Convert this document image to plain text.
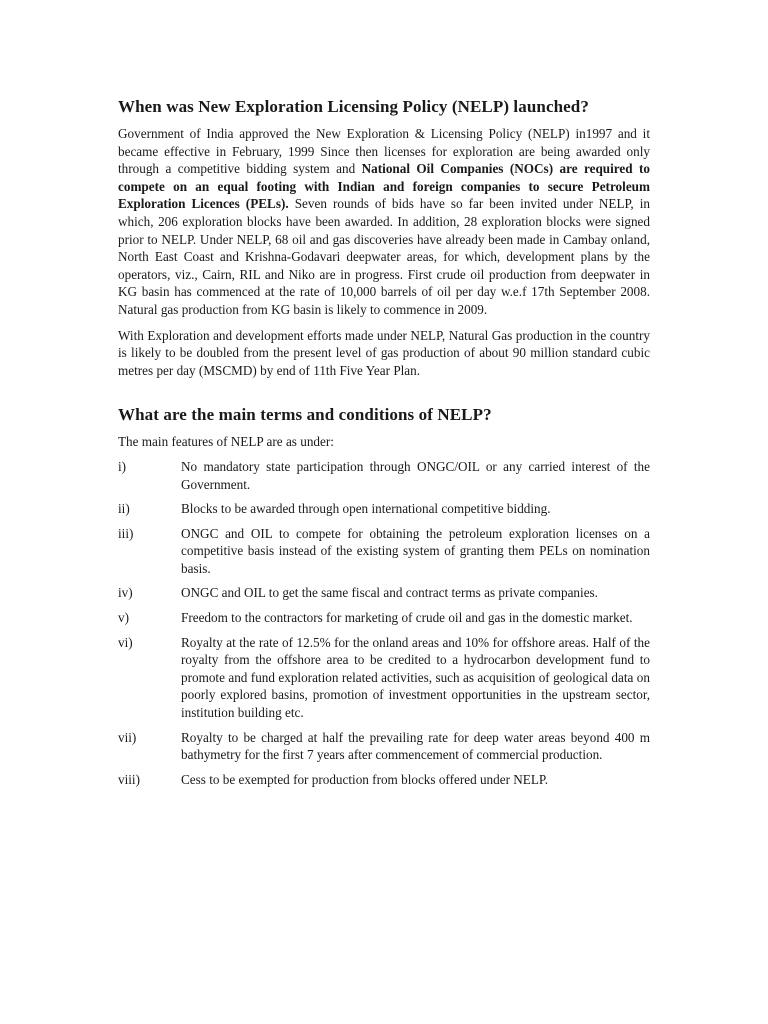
When was New Exploration Licensing Policy (NELP) launched?

Government of India approved the New Exploration & Licensing Policy (NELP) in1997 and it became effective in February, 1999 Since then licenses for exploration are being awarded only through a competitive bidding system and National Oil Companies (NOCs) are required to compete on an equal footing with Indian and foreign companies to secure Petroleum Exploration Licences (PELs). Seven rounds of bids have so far been invited under NELP, in which, 206 exploration blocks have been awarded. In addition, 28 exploration blocks were signed prior to NELP. Under NELP, 68 oil and gas discoveries have already been made in Cambay onland, North East Coast and Krishna-Godavari deepwater areas, for which, development plans by the operators, viz., Cairn, RIL and Niko are in progress. First crude oil production from deepwater in KG basin has commenced at the rate of 10,000 barrels of oil per day w.e.f 17th September 2008. Natural gas production from KG basin is likely to commence in 2009.

With Exploration and development efforts made under NELP, Natural Gas production in the country is likely to be doubled from the present level of gas production of about 90 million standard cubic metres per day (MSCMD) by end of 11th Five Year Plan.

What are the main terms and conditions of NELP?

The main features of NELP are as under:

i)	No mandatory state participation through ONGC/OIL or any carried interest of the Government.
ii)	Blocks to be awarded through open international competitive bidding.
iii)	ONGC and OIL to compete for obtaining the petroleum exploration licenses on a competitive basis instead of the existing system of granting them PELs on nomination basis.
iv)	ONGC and OIL to get the same fiscal and contract terms as private companies.
v)	Freedom to the contractors for marketing of crude oil and gas in the domestic market.
vi)	Royalty at the rate of 12.5% for the onland areas and 10% for offshore areas. Half of the royalty from the offshore area to be credited to a hydrocarbon development fund to promote and fund exploration related activities, such as acquisition of geological data on poorly explored basins, promotion of investment opportunities in the upstream sector, institution building etc.
vii)	Royalty to be charged at half the prevailing rate for deep water areas beyond 400 m bathymetry for the first 7 years after commencement of commercial production.
viii)	Cess to be exempted for production from blocks offered under NELP.
